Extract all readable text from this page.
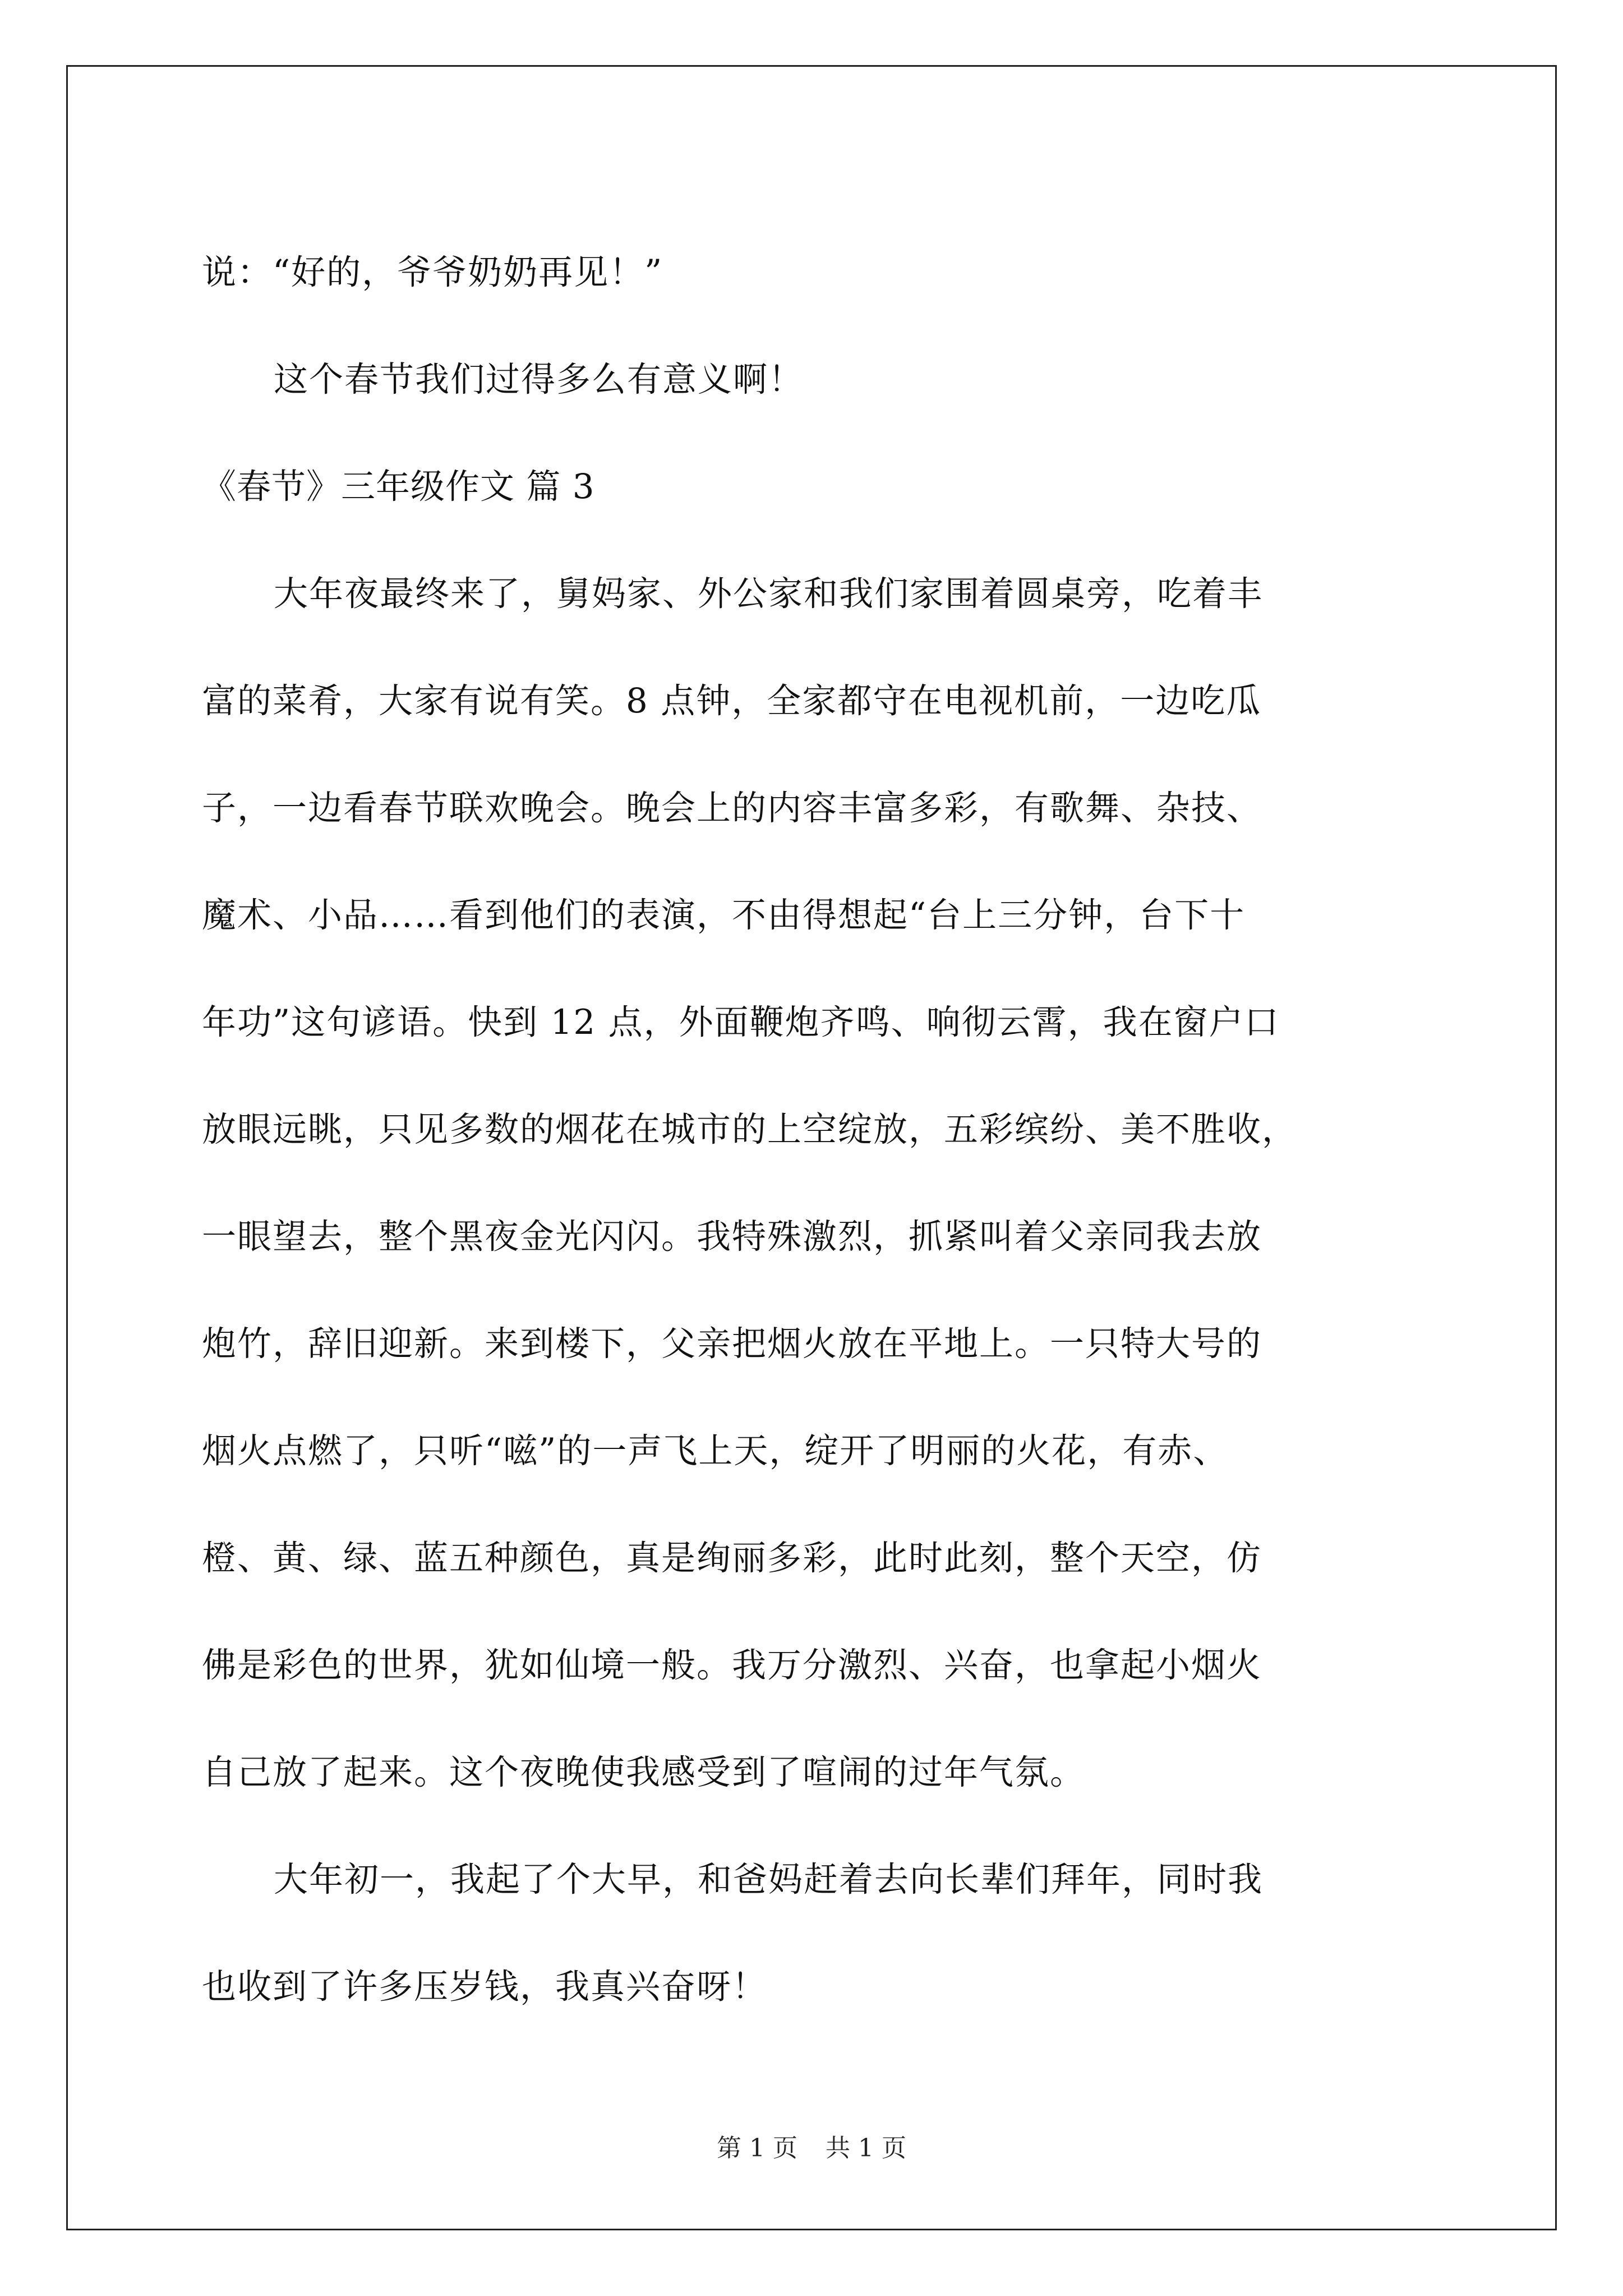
说：“好的，爷爷奶奶再见！”
这个春节我们过得多么有意义啊！
《春节》三年级作文 篇 3
大年夜最终来了，舅妈家、外公家和我们家围着圆桌旁，吃着丰
富的菜肴，大家有说有笑。8 点钟，全家都守在电视机前，一边吃瓜
子，一边看春节联欢晚会。晚会上的内容丰富多彩，有歌舞、杂技、
魔术、小品……看到他们的表演，不由得想起“台上三分钟，台下十
年功”这句谚语。快到 12 点，外面鞭炮齐鸣、响彻云霄，我在窗户口
放眼远眺，只见多数的烟花在城市的上空绽放，五彩缤纷、美不胜收，
一眼望去，整个黑夜金光闪闪。我特殊激烈，抓紧叫着父亲同我去放
炮竹，辞旧迎新。来到楼下，父亲把烟火放在平地上。一只特大号的
烟火点燃了，只听“嗞”的一声飞上天，绽开了明丽的火花，有赤、
橙、黄、绿、蓝五种颜色，真是绚丽多彩，此时此刻，整个天空，仿
佛是彩色的世界，犹如仙境一般。我万分激烈、兴奋，也拿起小烟火
自己放了起来。这个夜晚使我感受到了喧闹的过年气氛。
大年初一，我起了个大早，和爸妈赶着去向长辈们拜年，同时我
也收到了许多压岁钱，我真兴奋呀！
第 1 页 共 1 页
